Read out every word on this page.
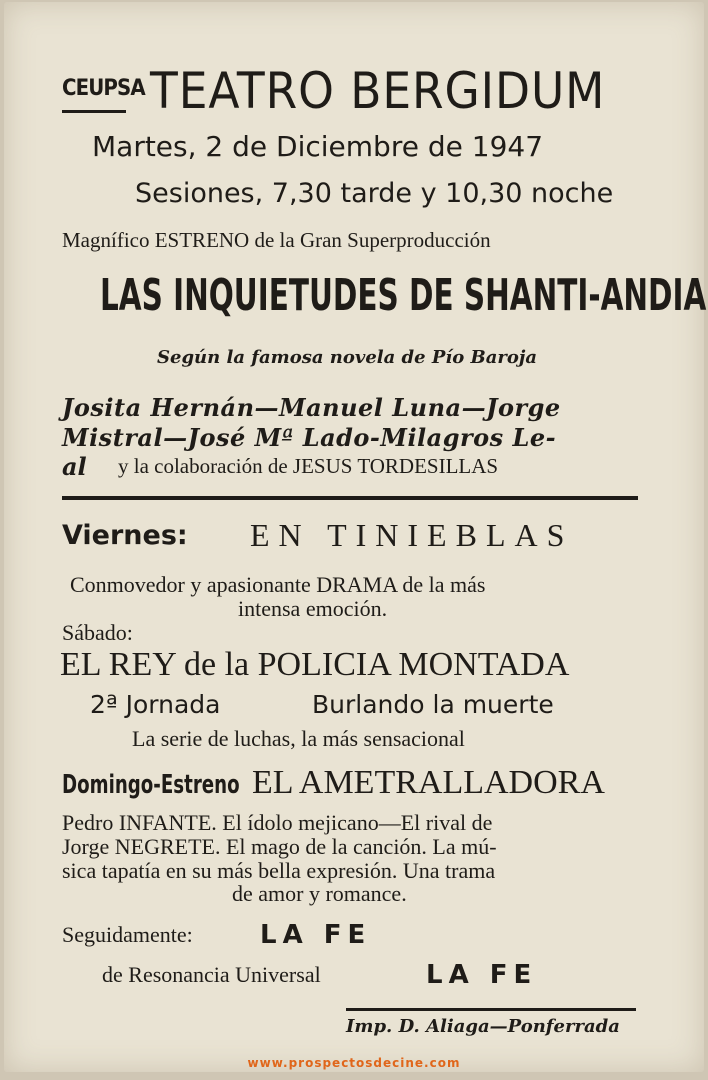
CEUPSA TEATRO BERGIDUM
Martes, 2 de Diciembre de 1947
Sesiones, 7,30 tarde y 10,30 noche
Magnífico ESTRENO de la Gran Superproducción
LAS INQUIETUDES DE SHANTI-ANDIA
Según la famosa novela de Pío Baroja
Josita Hernán—Manuel Luna—Jorge
Mistral—José Mª Lado-Milagros Le-
al y la colaboración de JESUS TORDESILLAS
Viernes: EN TINIEBLAS
Conmovedor y apasionante DRAMA de la más
intensa emoción.
Sábado:
EL REY de la POLICIA MONTADA
2ª Jornada	Burlando la muerte
La serie de luchas, la más sensacional
Domingo-Estreno EL AMETRALLADORA
Pedro INFANTE. El ídolo mejicano—El rival de
Jorge NEGRETE. El mago de la canción. La mú-
sica tapatía en su más bella expresión. Una trama
de amor y romance.
Seguidamente:	LA FE
de Resonancia Universal	LA FE
Imp. D. Aliaga—Ponferrada
www.prospectosdecine.com
